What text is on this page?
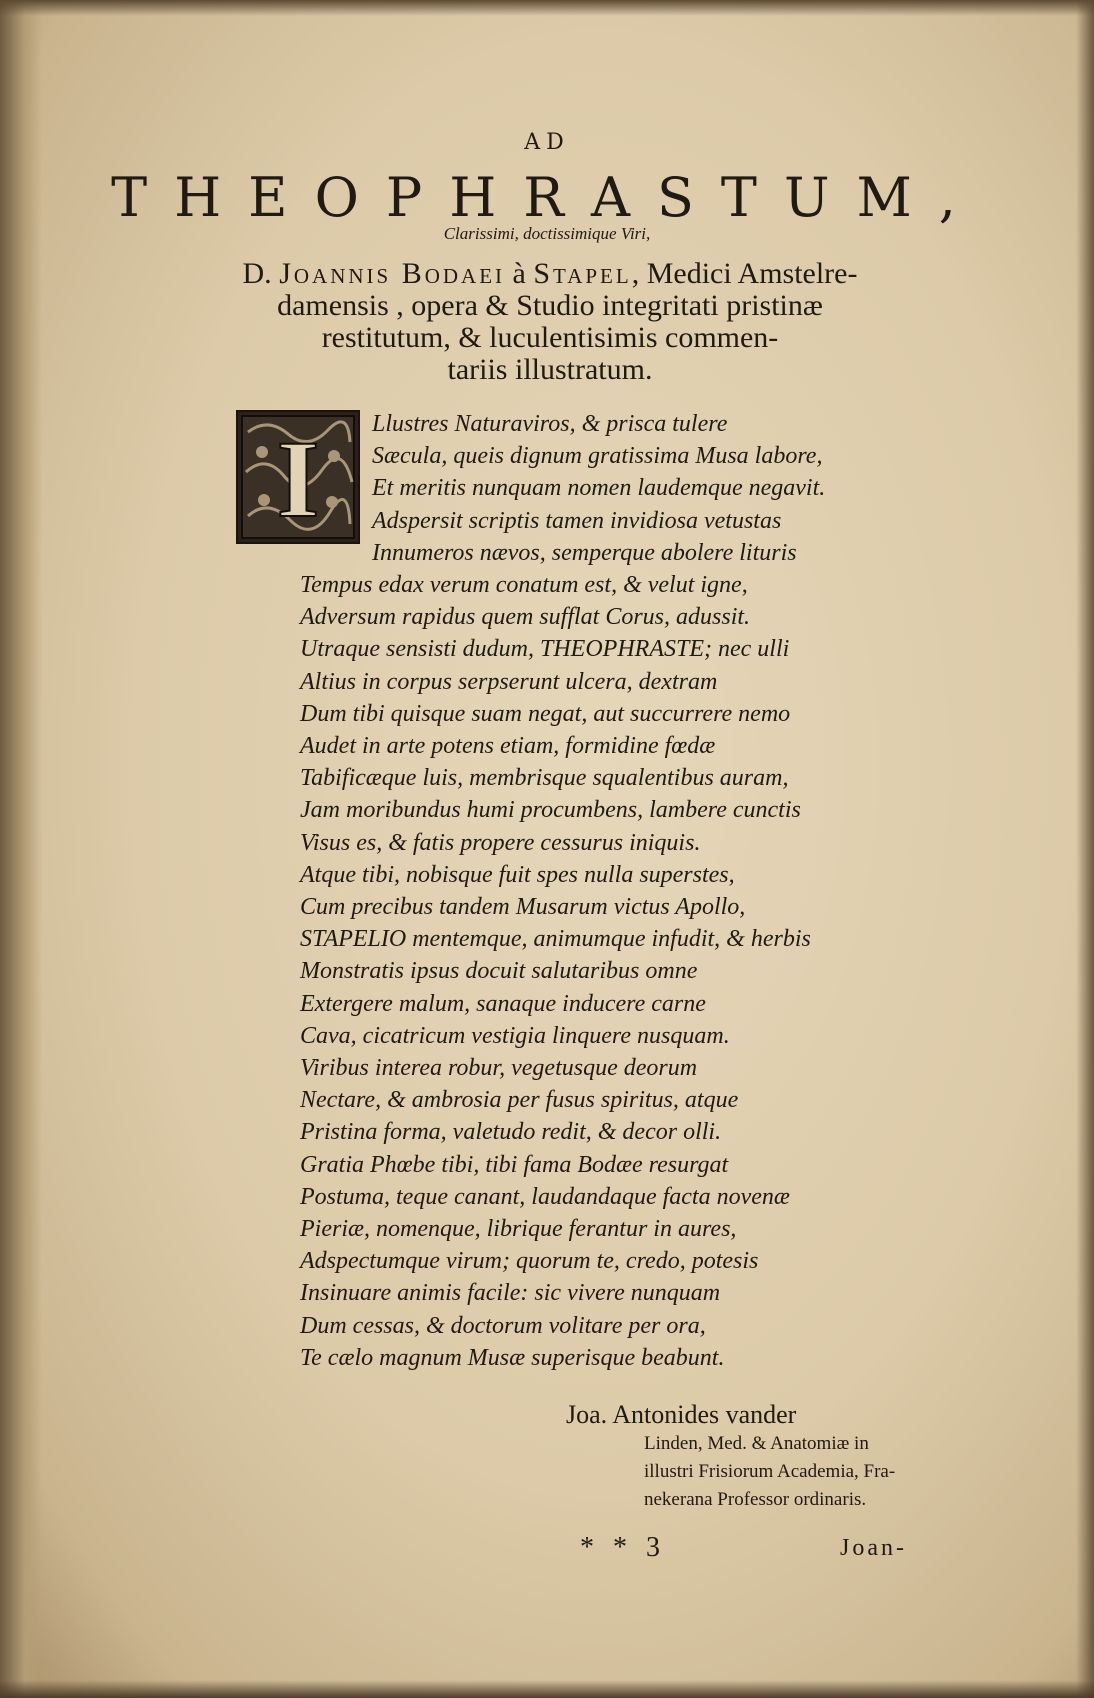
AD
THEOPHRASTUM,
Clarissimi, doctissimique Viri,
D. Joannis Bodaei à Stapel, Medici Amstelre-
damensis , opera & Studio integritati pristinæ
restitutum, & luculentisimis commen-
tariis illustratum.
I	Llustres Naturaviros, & prisca tulere
Sæcula, queis dignum gratissima Musa labore,
Et meritis nunquam nomen laudemque negavit.
Adspersit scriptis tamen invidiosa vetustas
Innumeros nævos, semperque abolere lituris
Tempus edax verum conatum est, & velut igne,
Adversum rapidus quem sufflat Corus, adussit.
Utraque sensisti dudum, THEOPHRASTE; nec ulli
Altius in corpus serpserunt ulcera, dextram
Dum tibi quisque suam negat, aut succurrere nemo
Audet in arte potens etiam, formidine fœdæ
Tabificæque luis, membrisque squalentibus auram,
Jam moribundus humi procumbens, lambere cunctis
Visus es, & fatis propere cessurus iniquis.
Atque tibi, nobisque fuit spes nulla superstes,
Cum precibus tandem Musarum victus Apollo,
STAPELIO mentemque, animumque infudit, & herbis
Monstratis ipsus docuit salutaribus omne
Extergere malum, sanaque inducere carne
Cava, cicatricum vestigia linquere nusquam.
Viribus interea robur, vegetusque deorum
Nectare, & ambrosia per fusus spiritus, atque
Pristina forma, valetudo redit, & decor olli.
Gratia Phœbe tibi, tibi fama Bodæe resurgat
Postuma, teque canant, laudandaque facta novenæ
Pieriæ, nomenque, librique ferantur in aures,
Adspectumque virum; quorum te, credo, potesis
Insinuare animis facile: sic vivere nunquam
Dum cessas, & doctorum volitare per ora,
Te cælo magnum Musæ superisque beabunt.
Joa. Antonides vander
Linden, Med. & Anatomiæ in
illustri Frisiorum Academia, Fra-
nekerana Professor ordinaris.
* * 3	Joan-
